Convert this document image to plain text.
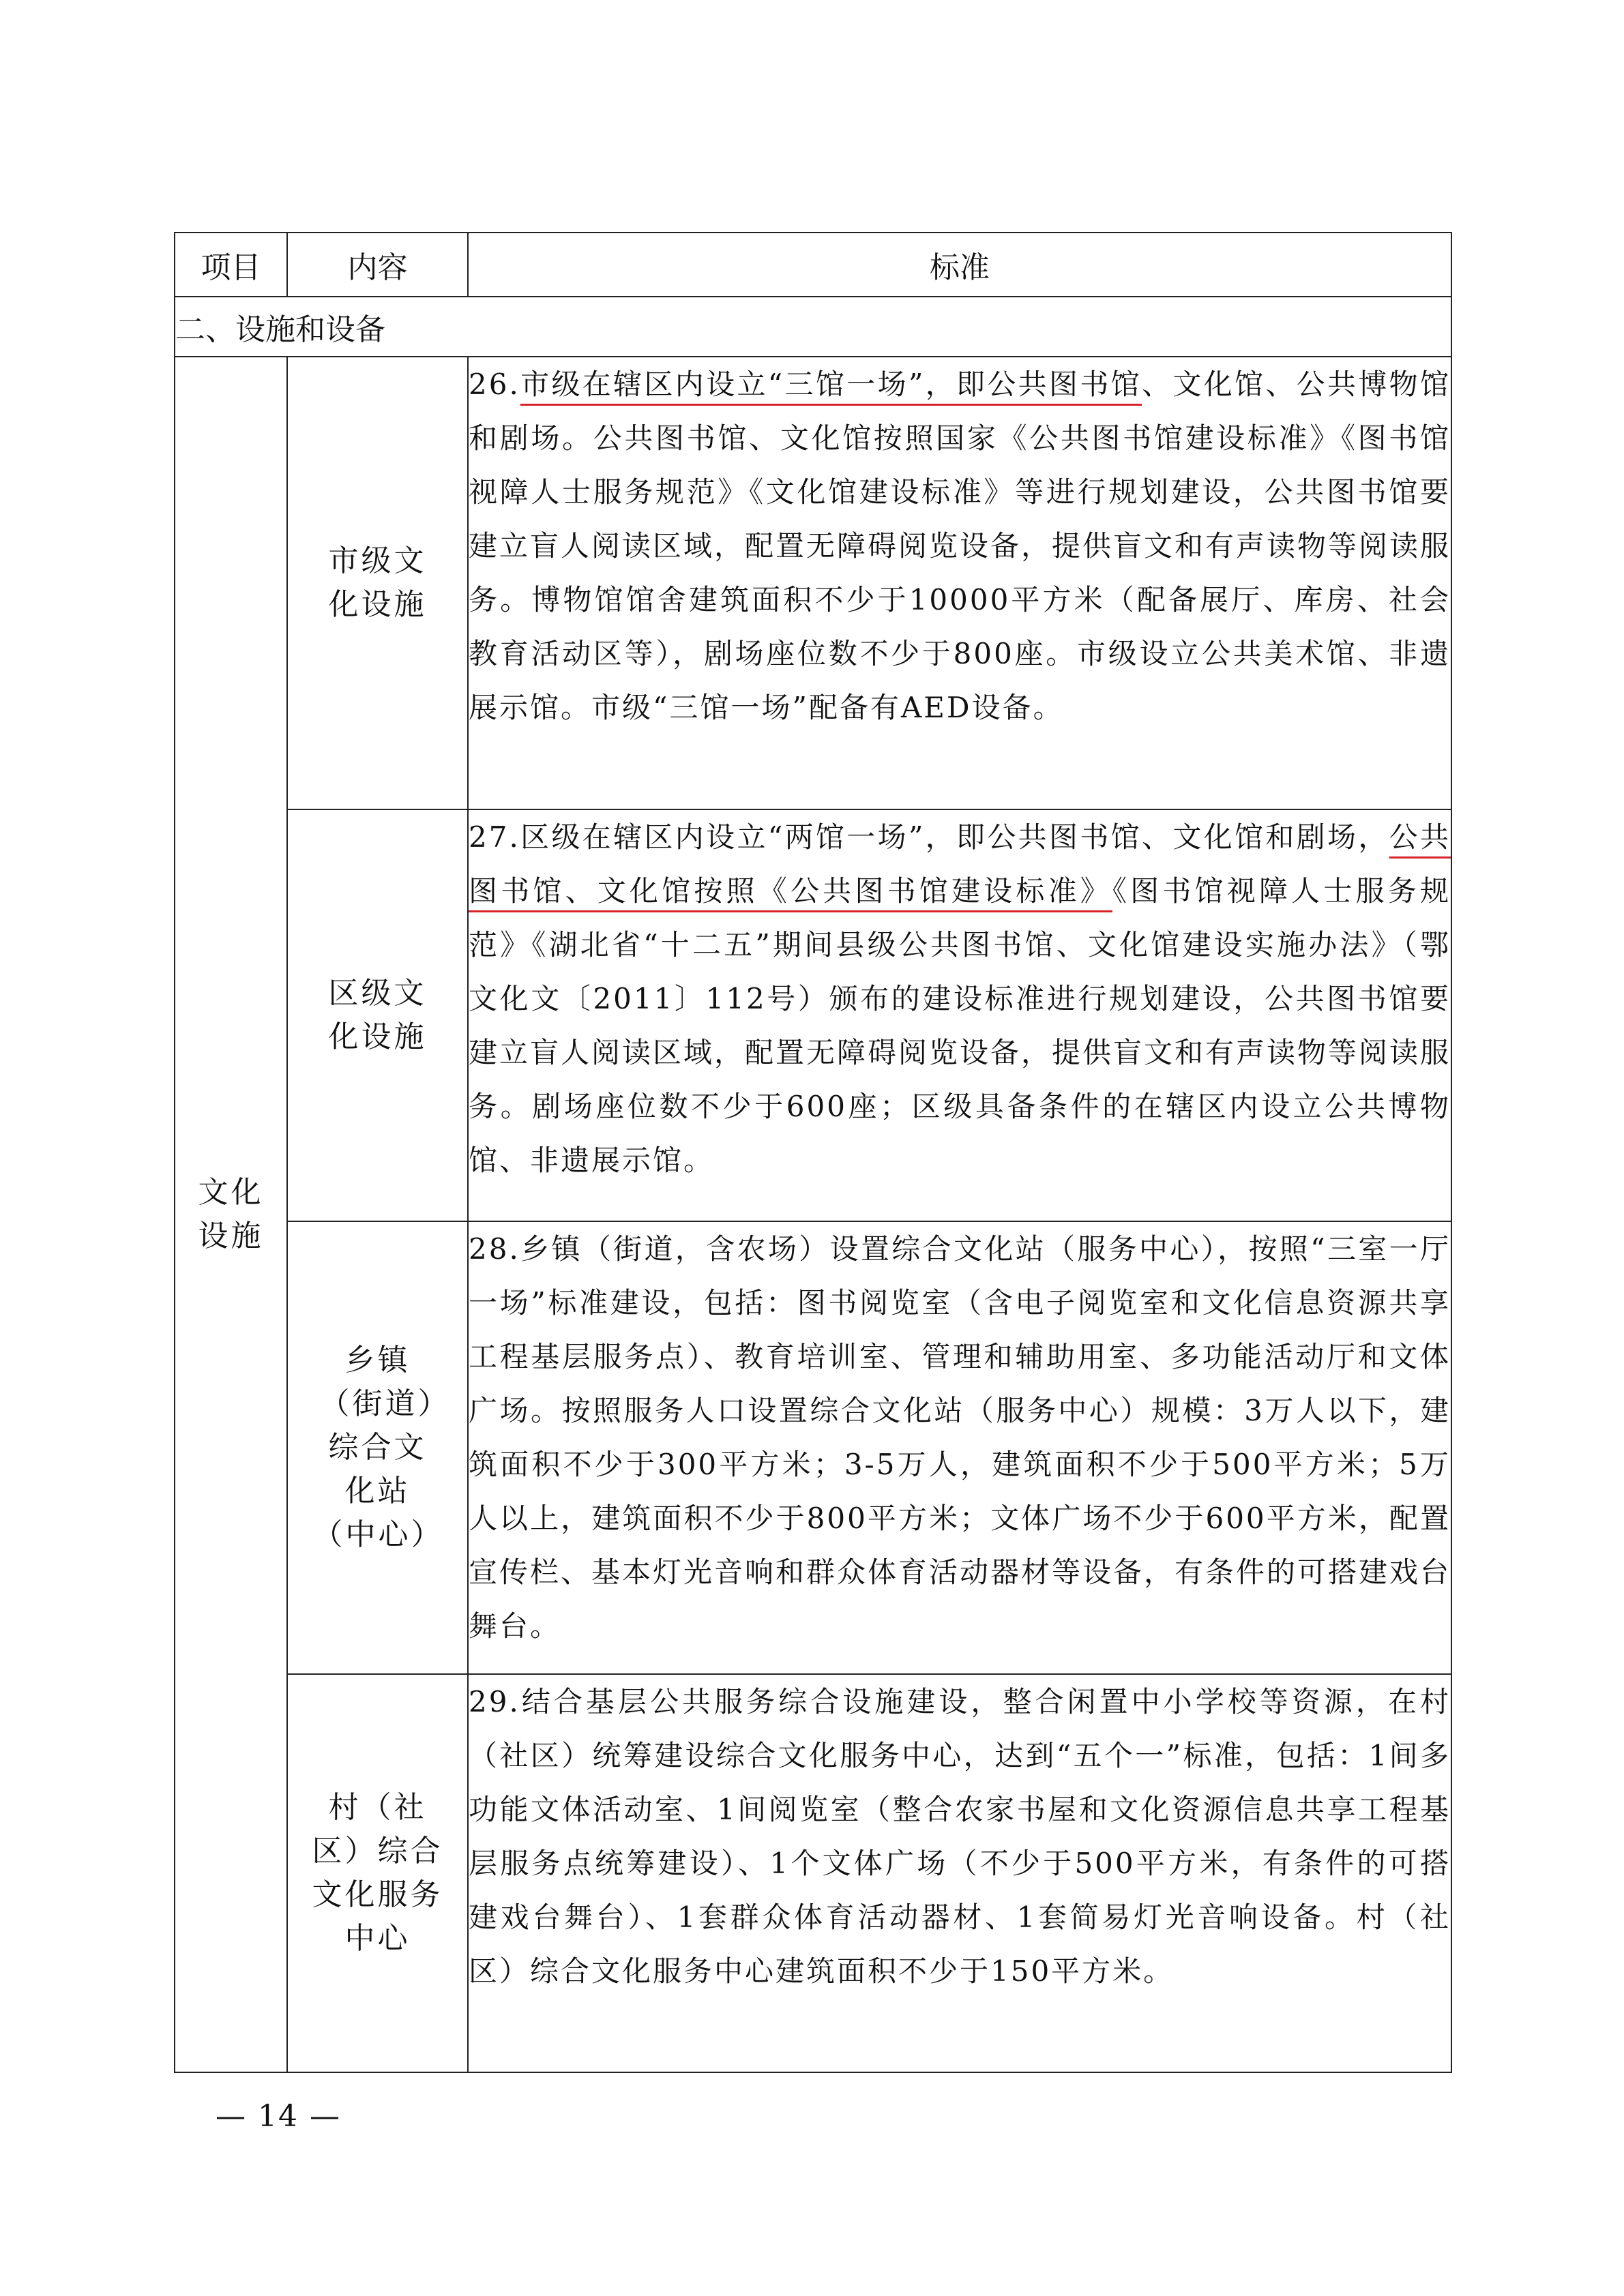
项目	内容	标准
二、设施和设备		
文化设施	市级文化设施	26.市级在辖区内设立“三馆一场”，即公共图书馆、文化馆、公共博物馆和剧场。公共图书馆、文化馆按照国家《公共图书馆建设标准》《图书馆视障人士服务规范》《文化馆建设标准》等进行规划建设，公共图书馆要建立盲人阅读区域，配置无障碍阅览设备，提供盲文和有声读物等阅读服务。博物馆馆舍建筑面积不少于10000平方米（配备展厅、库房、社会教育活动区等），剧场座位数不少于800座。市级设立公共美术馆、非遗展示馆。市级“三馆一场”配备有AED设备。
	区级文化设施	27.区级在辖区内设立“两馆一场”，即公共图书馆、文化馆和剧场，公共图书馆、文化馆按照《公共图书馆建设标准》《图书馆视障人士服务规范》《湖北省“十二五”期间县级公共图书馆、文化馆建设实施办法》（鄂文化文〔2011〕112号）颁布的建设标准进行规划建设，公共图书馆要建立盲人阅读区域，配置无障碍阅览设备，提供盲文和有声读物等阅读服务。剧场座位数不少于600座；区级具备条件的在辖区内设立公共博物馆、非遗展示馆。
	乡镇（街道）综合文化站（中心）	28.乡镇（街道，含农场）设置综合文化站（服务中心），按照“三室一厅一场”标准建设，包括：图书阅览室（含电子阅览室和文化信息资源共享工程基层服务点）、教育培训室、管理和辅助用室、多功能活动厅和文体广场。按照服务人口设置综合文化站（服务中心）规模：3万人以下，建筑面积不少于300平方米；3-5万人，建筑面积不少于500平方米；5万人以上，建筑面积不少于800平方米；文体广场不少于600平方米，配置宣传栏、基本灯光音响和群众体育活动器材等设备，有条件的可搭建戏台舞台。
	村（社区）综合文化服务中心	29.结合基层公共服务综合设施建设，整合闲置中小学校等资源，在村（社区）统筹建设综合文化服务中心，达到“五个一”标准，包括：1间多功能文体活动室、1间阅览室（整合农家书屋和文化资源信息共享工程基层服务点统筹建设）、1个文体广场（不少于500平方米，有条件的可搭建戏台舞台）、1套群众体育活动器材、1套简易灯光音响设备。村（社区）综合文化服务中心建筑面积不少于150平方米。
— 14 —
